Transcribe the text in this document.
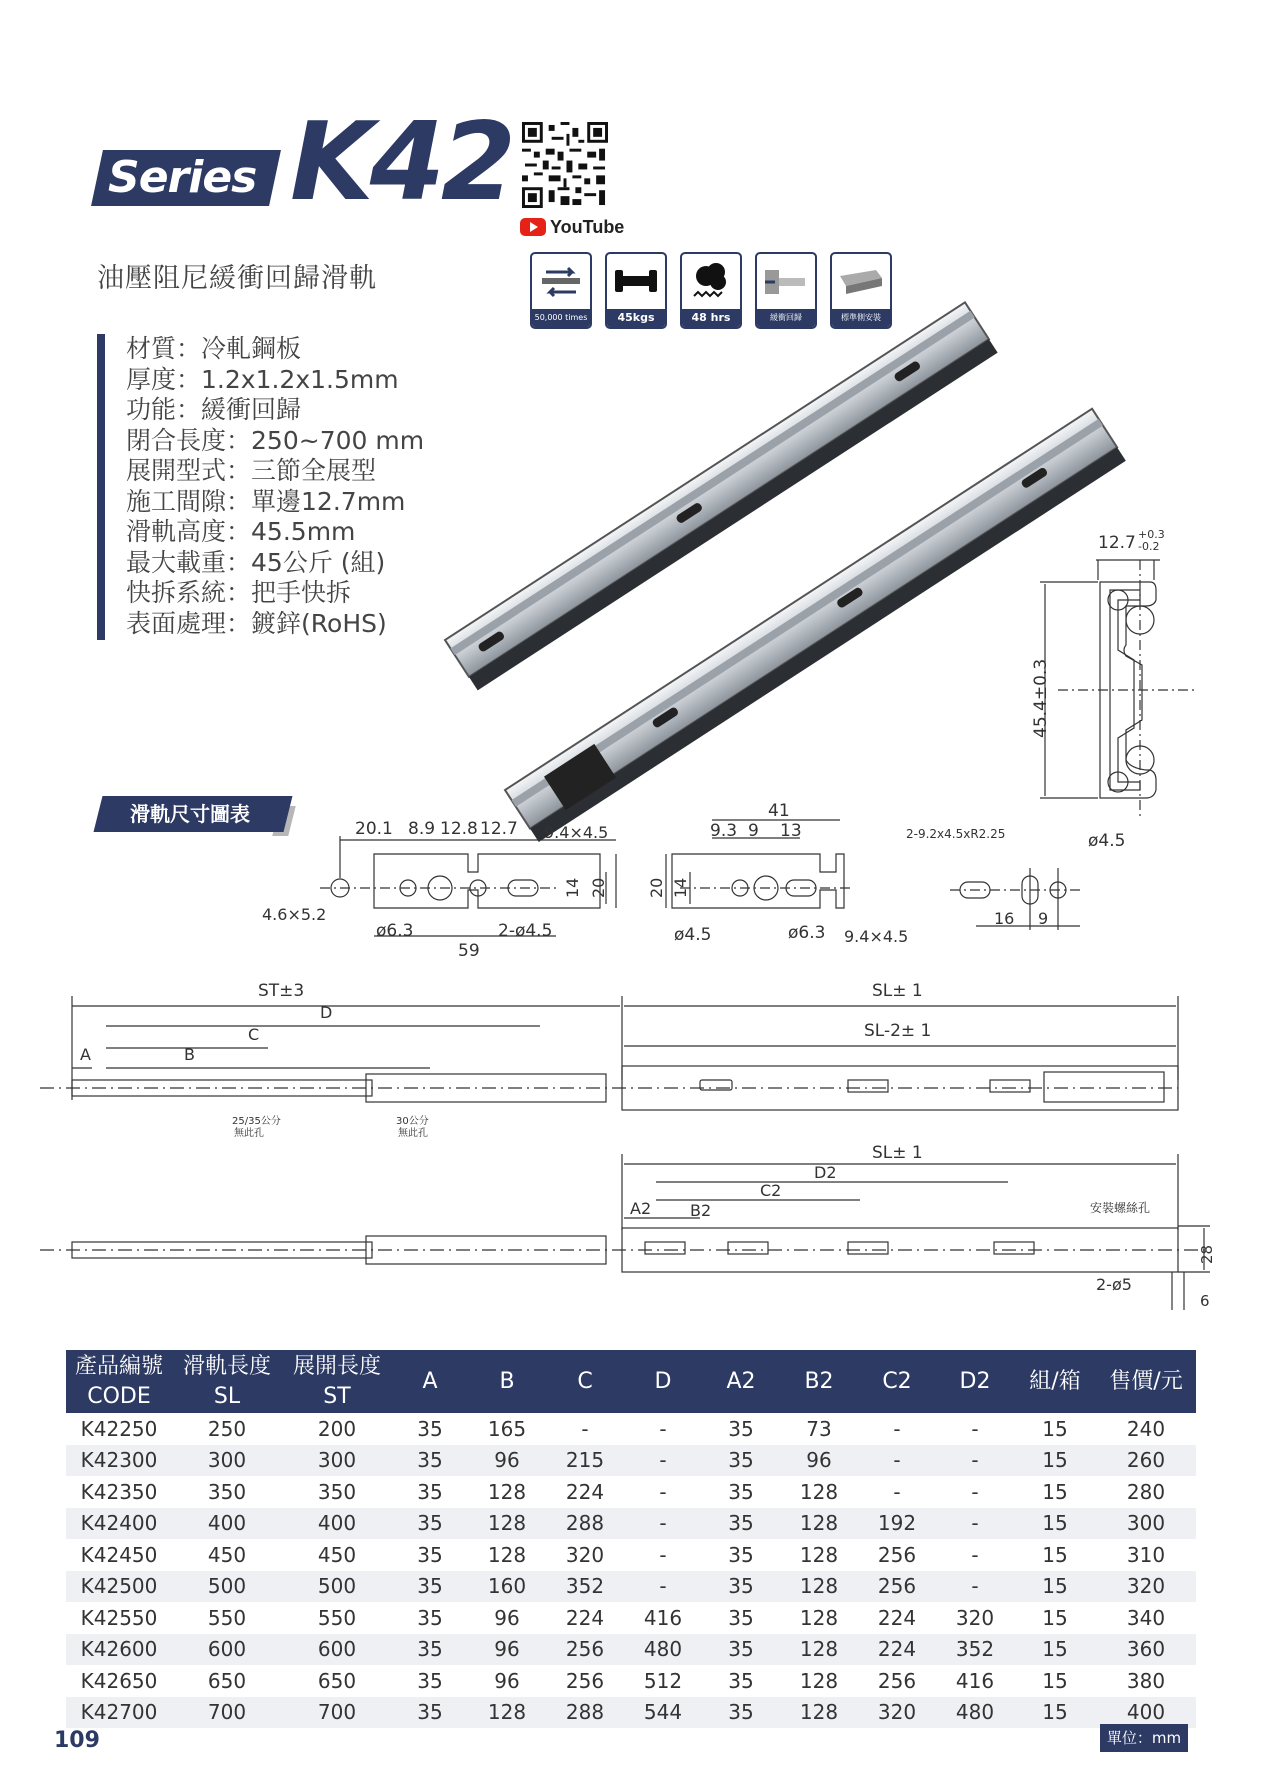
Series K42
YouTube
油壓阻尼緩衝回歸滑軌
50,000 times	45kgs	48 hrs	緩衝回歸	標準側安裝
材質：冷軋鋼板
厚度：1.2x1.2x1.5mm
功能：緩衝回歸
閉合長度：250~700 mm
展開型式：三節全展型
施工間隙：單邊12.7mm
滑軌高度：45.5mm
最大載重：45公斤 (組)
快拆系統：把手快拆
表面處理：鍍鋅(RoHS)
12.7 +0.3
-0.2
45.4±0.3
20.1 8.9 12.8 12.7 9.4×4.5
14 20
4.6×5.2
ø6.3	2-ø4.5
59
41
9.3 9 13
20 14
ø4.5	ø6.3 9.4×4.5
2-9.2x4.5xR2.25	ø4.5
16 9
ST±3
D
C
A	B
SL± 1
SL-2± 1
25/35公分
無此孔
30公分
無此孔
SL± 1
D2
C2
A2 B2	安裝螺絲孔
28
2-ø5
6
滑軌尺寸圖表
產品編號
CODE	滑軌長度
SL	展開長度
ST	A	B	C	D	A2	B2	C2	D2	組/箱	售價/元
K42250	250	200	35	165	-	-	35	73	-	-	15	240
K42300	300	300	35	96	215	-	35	96	-	-	15	260
K42350	350	350	35	128	224	-	35	128	-	-	15	280
K42400	400	400	35	128	288	-	35	128	192	-	15	300
K42450	450	450	35	128	320	-	35	128	256	-	15	310
K42500	500	500	35	160	352	-	35	128	256	-	15	320
K42550	550	550	35	96	224	416	35	128	224	320	15	340
K42600	600	600	35	96	256	480	35	128	224	352	15	360
K42650	650	650	35	96	256	512	35	128	256	416	15	380
K42700	700	700	35	128	288	544	35	128	320	480	15	400
109	單位：mm
